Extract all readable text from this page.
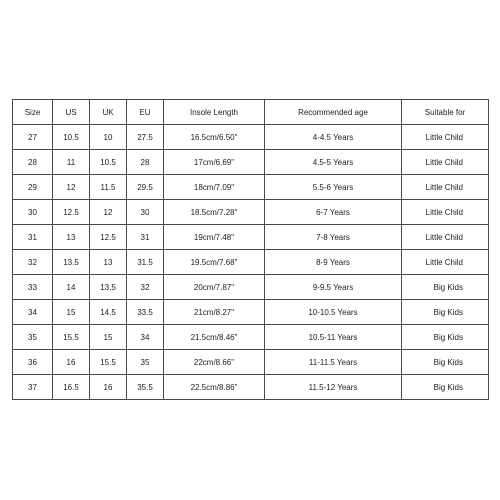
Size	US	UK	EU	Insole Length	Recommended age	Suitable for
27	10.5	10	27.5	16.5cm/6.50"	4-4.5 Years	Little Child
28	11	10.5	28	17cm/6.69"	4.5-5 Years	Little Child
29	12	11.5	29.5	18cm/7.09"	5.5-6 Years	Little Child
30	12.5	12	30	18.5cm/7.28"	6-7 Years	Little Child
31	13	12.5	31	19cm/7.48"	7-8 Years	Little Child
32	13.5	13	31.5	19.5cm/7.68"	8-9 Years	Little Child
33	14	13.5	32	20cm/7.87"	9-9.5 Years	Big Kids
34	15	14.5	33.5	21cm/8.27"	10-10.5 Years	Big Kids
35	15.5	15	34	21.5cm/8.46"	10.5-11 Years	Big Kids
36	16	15.5	35	22cm/8.66"	11-11.5 Years	Big Kids
37	16.5	16	35.5	22.5cm/8.86"	11.5-12 Years	Big Kids
